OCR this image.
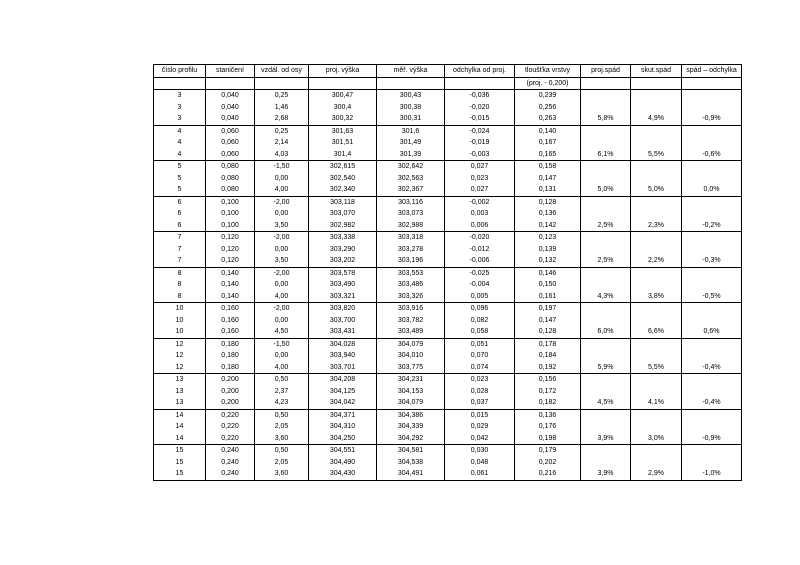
číslo profilu	staničení	vzdál. od osy	proj. výška	měř. výška	odchylka od proj.	tloušťka vrstvy	proj.spád	skut.spád	spád – odchylka
						(proj. - 0,200)			
3	0,040	0,25	300,47	300,43	-0,036	0,239			
3	0,040	1,46	300,4	300,38	-0,020	0,256			
3	0,040	2,68	300,32	300,31	-0,015	0,263	5,8%	4,9%	-0,9%
4	0,060	0,25	301,63	301,6	-0,024	0,140			
4	0,060	2,14	301,51	301,49	-0,019	0,167			
4	0,060	4,03	301,4	301,39	-0,003	0,165	6,1%	5,5%	-0,6%
5	0,080	-1,50	302,615	302,642	0,027	0,158			
5	0,080	0,00	302,540	302,563	0,023	0,147			
5	0,080	4,00	302,340	302,367	0,027	0,131	5,0%	5,0%	0,0%
6	0,100	-2,00	303,118	303,116	-0,002	0,128			
6	0,100	0,00	303,070	303,073	0,003	0,136			
6	0,100	3,50	302,982	302,988	0,006	0,142	2,5%	2,3%	-0,2%
7	0,120	-2,00	303,338	303,318	-0,020	0,123			
7	0,120	0,00	303,290	303,278	-0,012	0,139			
7	0,120	3,50	303,202	303,196	-0,006	0,132	2,5%	2,2%	-0,3%
8	0,140	-2,00	303,578	303,553	-0,025	0,146			
8	0,140	0,00	303,490	303,486	-0,004	0,150			
8	0,140	4,00	303,321	303,326	0,005	0,161	4,3%	3,8%	-0,5%
10	0,160	-2,00	303,820	303,916	0,096	0,197			
10	0,160	0,00	303,700	303,782	0,082	0,147			
10	0,160	4,50	303,431	303,489	0,058	0,128	6,0%	6,6%	0,6%
12	0,180	-1,50	304,028	304,079	0,051	0,178			
12	0,180	0,00	303,940	304,010	0,070	0,184			
12	0,180	4,00	303,701	303,775	0,074	0,192	5,9%	5,5%	-0,4%
13	0,200	0,50	304,208	304,231	0,023	0,156			
13	0,200	2,37	304,125	304,153	0,028	0,172			
13	0,200	4,23	304,042	304,079	0,037	0,182	4,5%	4,1%	-0,4%
14	0,220	0,50	304,371	304,386	0,015	0,136			
14	0,220	2,05	304,310	304,339	0,029	0,176			
14	0,220	3,60	304,250	304,292	0,042	0,198	3,9%	3,0%	-0,9%
15	0,240	0,50	304,551	304,581	0,030	0,179			
15	0,240	2,05	304,490	304,538	0,048	0,202			
15	0,240	3,60	304,430	304,491	0,061	0,216	3,9%	2,9%	-1,0%
